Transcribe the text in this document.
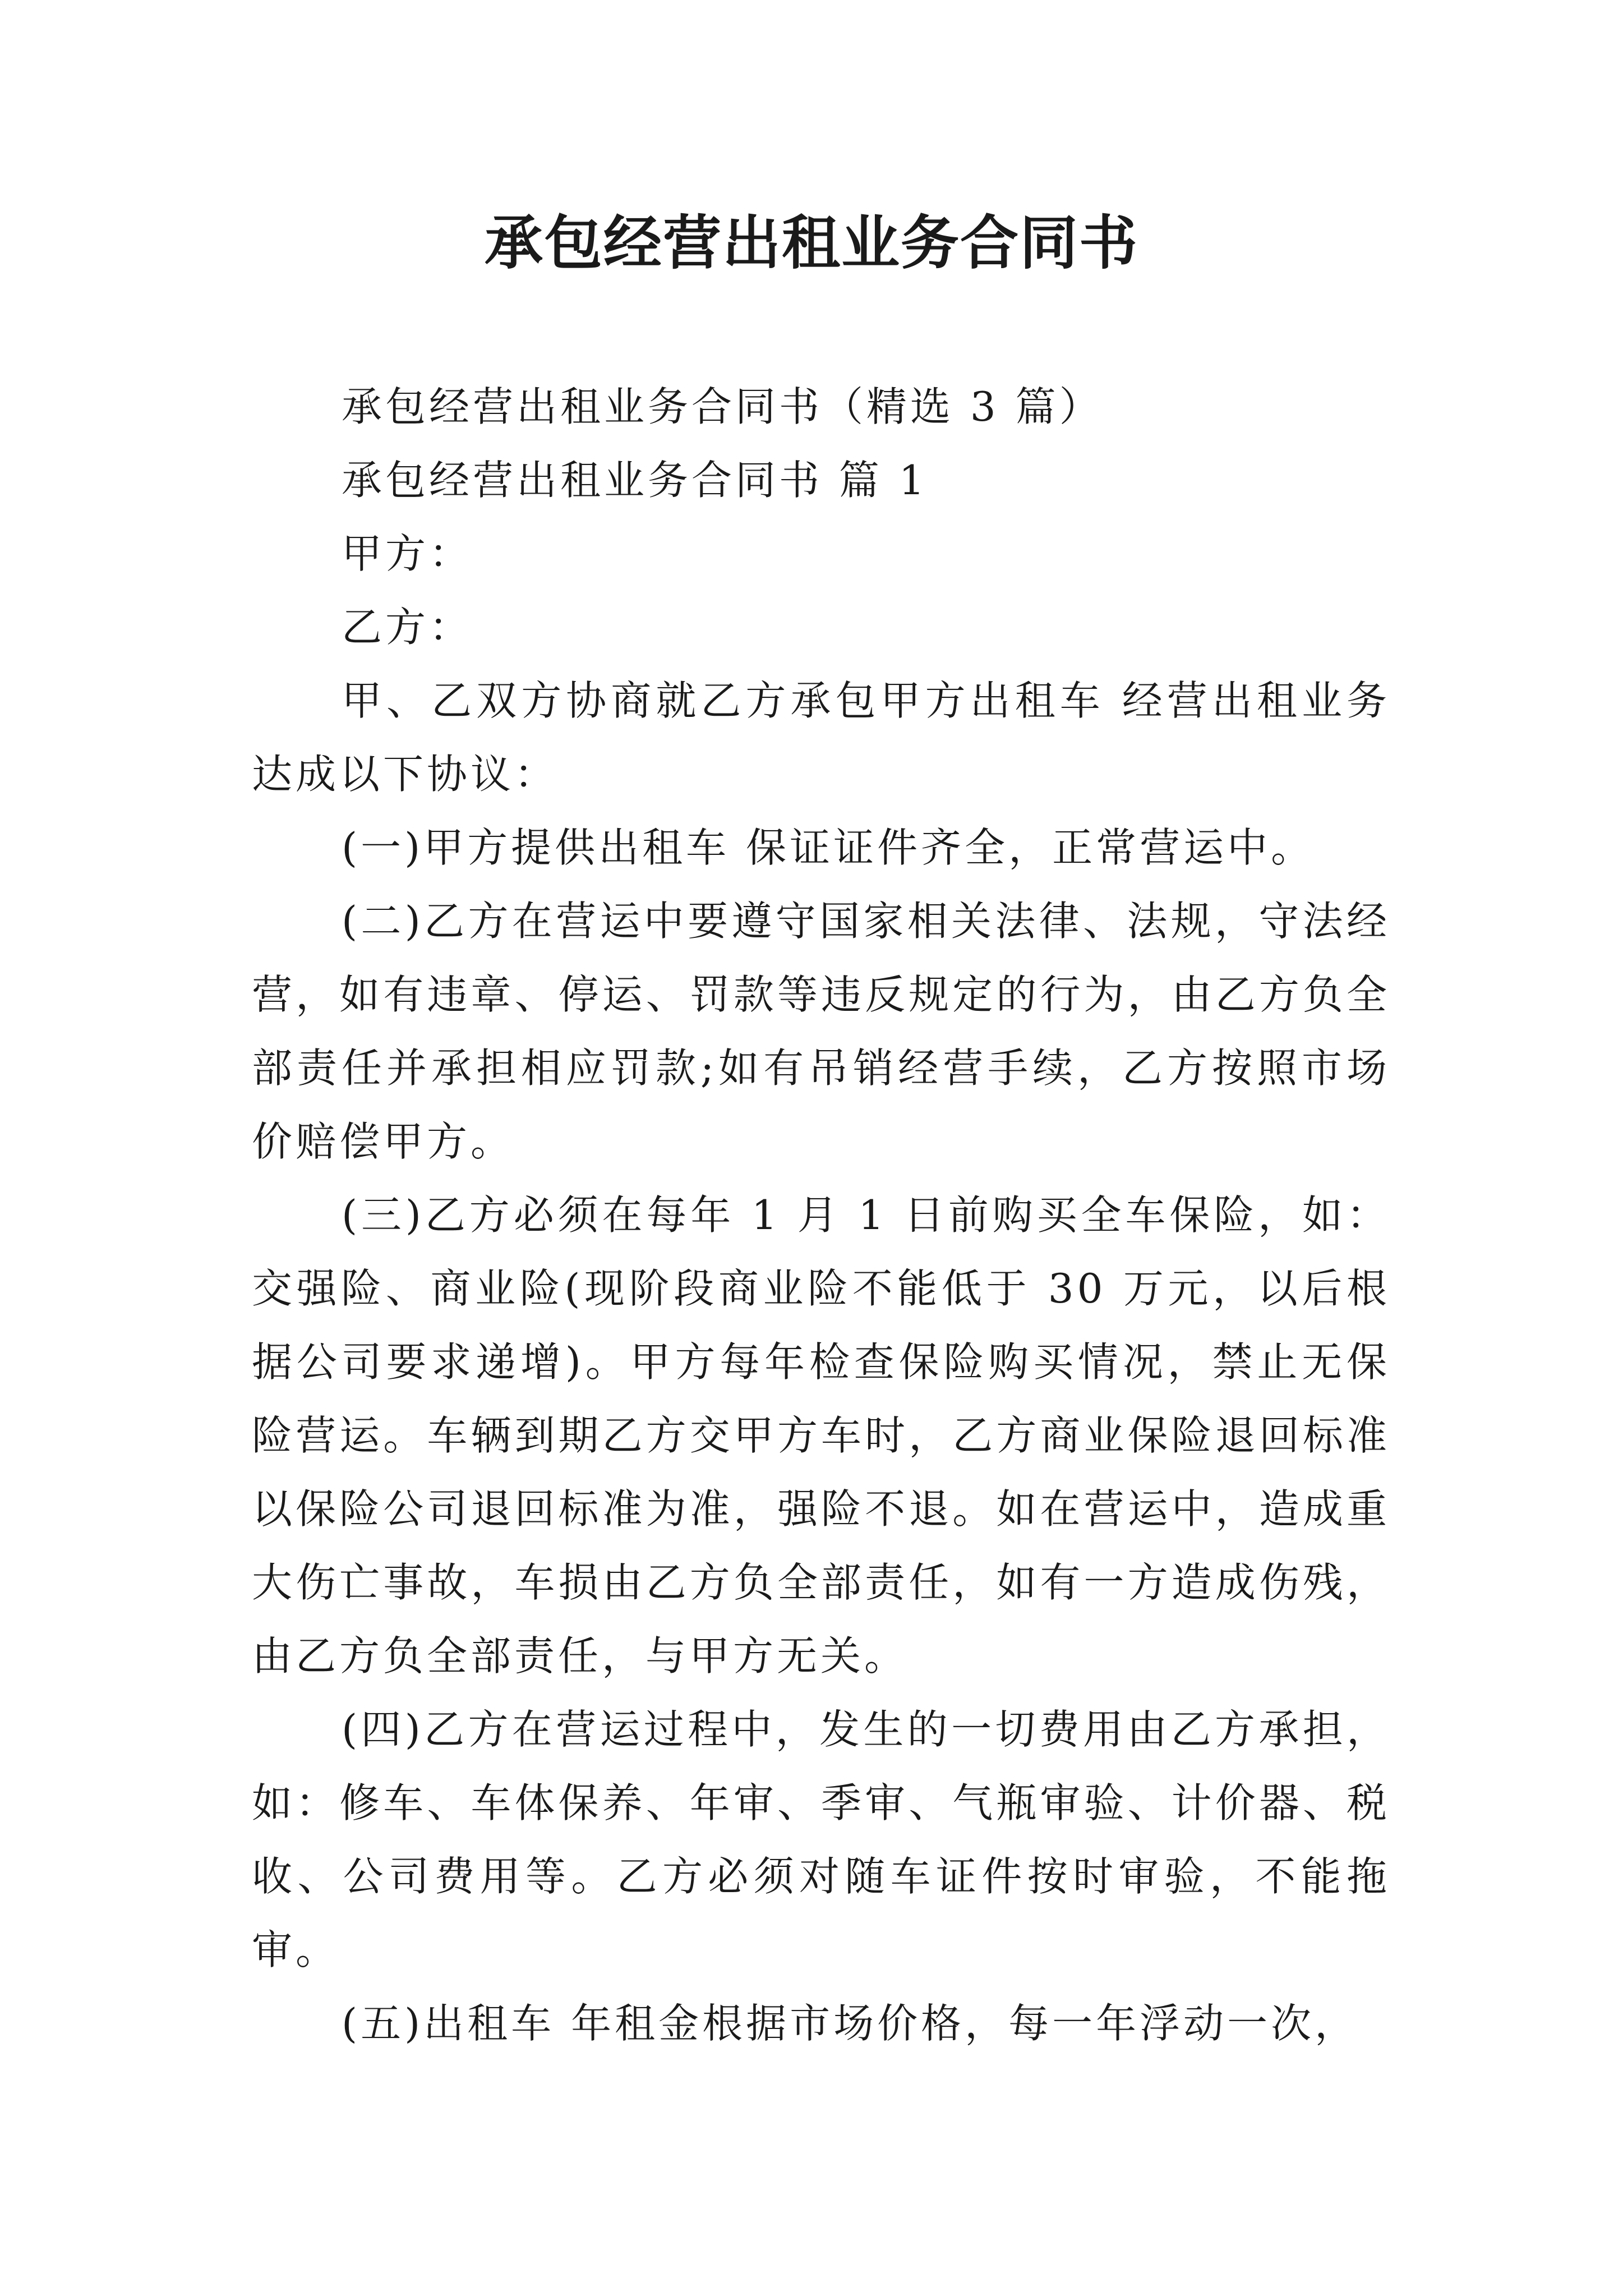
承包经营出租业务合同书

承包经营出租业务合同书（精选 3 篇）

承包经营出租业务合同书 篇 1

甲方：

乙方：

甲、乙双方协商就乙方承包甲方出租车 经营出租业务达成以下协议：

(一)甲方提供出租车 保证证件齐全，正常营运中。

(二)乙方在营运中要遵守国家相关法律、法规，守法经营，如有违章、停运、罚款等违反规定的行为，由乙方负全部责任并承担相应罚款;如有吊销经营手续，乙方按照市场价赔偿甲方。

(三)乙方必须在每年 1 月 1 日前购买全车保险，如：交强险、商业险(现阶段商业险不能低于 30 万元，以后根据公司要求递增)。甲方每年检查保险购买情况，禁止无保险营运。车辆到期乙方交甲方车时，乙方商业保险退回标准以保险公司退回标准为准，强险不退。如在营运中，造成重大伤亡事故，车损由乙方负全部责任，如有一方造成伤残，由乙方负全部责任，与甲方无关。

(四)乙方在营运过程中，发生的一切费用由乙方承担，如：修车、车体保养、年审、季审、气瓶审验、计价器、税收、公司费用等。乙方必须对随车证件按时审验，不能拖审。

(五)出租车 年租金根据市场价格，每一年浮动一次，
